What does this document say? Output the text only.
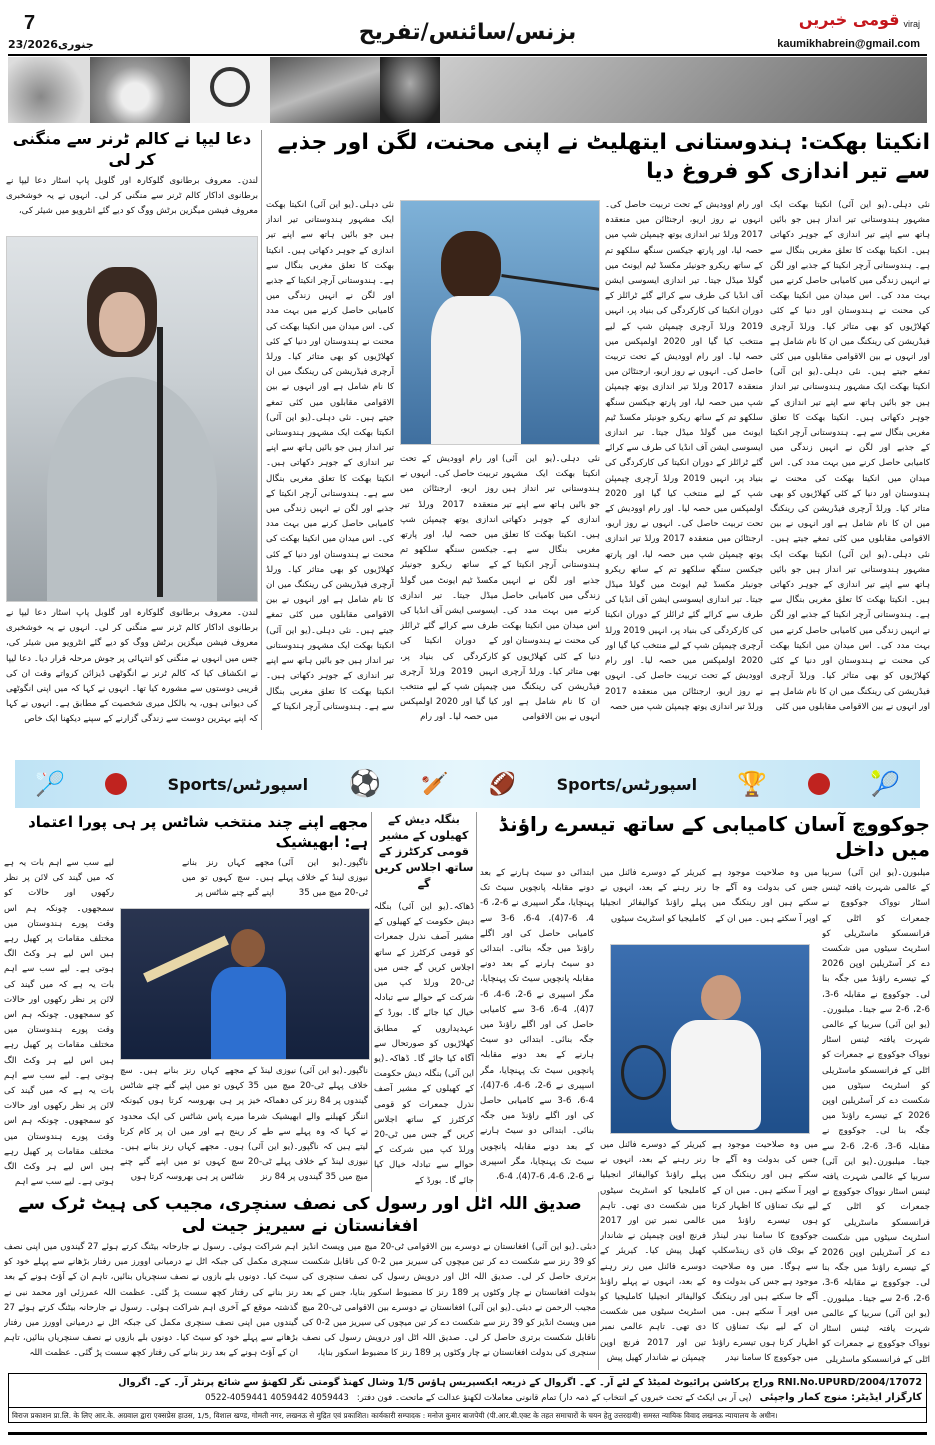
7
23/جنوری2026	بزنس/سائنس/تفریح
قومی خبریں viraj
kaumikhabrein@gmail.com
دعا لیپا نے کالم ٹرنر سے منگنی کر لی
لندن۔ معروف برطانوی گلوکارہ اور گلوبل پاپ اسٹار دعا لیپا نے برطانوی اداکار کالم ٹرنر سے منگنی کر لی۔ انہوں نے یہ خوشخبری معروف فیشن میگزین برٹش ووگ کو دیے گئے انٹرویو میں شیئر کی،
لندن۔ معروف برطانوی گلوکارہ اور گلوبل پاپ اسٹار دعا لیپا نے برطانوی اداکار کالم ٹرنر سے منگنی کر لی۔ انہوں نے یہ خوشخبری معروف فیشن میگزین برٹش ووگ کو دیے گئے انٹرویو میں شیئر کی، جس میں انہوں نے منگنی کو انتہائی پر جوش مرحلہ قرار دیا۔ دعا لیپا نے انکشاف کیا کہ کالم ٹرنر نے انگوٹھی ڈیزائن کرواتے وقت ان کی قریبی دوستوں سے مشورہ کیا تھا۔ انہوں نے کہا کہ میں اپنی انگوٹھی کی دیوانی ہوں، یہ بالکل میری شخصیت کے مطابق ہے۔ انہوں نے کہا کہ اپنے بہترین دوست سے زندگی گزارنے کے سپنے دیکھنا ایک خاص
انکیتا بھکت: ہندوستانی ایتھلیٹ نے اپنی محنت، لگن اور جذبے سے تیر اندازی کو فروغ دیا
نئی دہلی۔(یو این آئی) انکیتا بھکت ایک مشہور ہندوستانی تیر انداز ہیں جو بائیں ہاتھ سے اپنے تیر اندازی کے جوہر دکھاتی ہیں۔ انکیتا بھکت کا تعلق مغربی بنگال سے ہے۔ ہندوستانی آرچر انکیتا کے جذبے اور لگن نے انہیں زندگی میں کامیابی حاصل کرنے میں بہت مدد کی۔ اس میدان میں انکیتا بھکت کی محنت نے ہندوستان اور دنیا کے کئی کھلاڑیوں کو بھی متاثر کیا۔ ورلڈ آرچری فیڈریشن کی رینکنگ میں ان کا نام شامل ہے اور انہوں نے بین الاقوامی مقابلوں میں کئی تمغے جیتے ہیں۔ نئی دہلی۔(یو این آئی) انکیتا بھکت ایک مشہور ہندوستانی تیر انداز ہیں جو بائیں ہاتھ سے اپنے تیر اندازی کے جوہر دکھاتی ہیں۔ انکیتا بھکت کا تعلق مغربی بنگال سے ہے۔ ہندوستانی آرچر انکیتا کے جذبے اور لگن نے انہیں زندگی میں کامیابی حاصل کرنے میں بہت مدد کی۔ اس میدان میں انکیتا بھکت کی محنت نے ہندوستان اور دنیا کے کئی کھلاڑیوں کو بھی متاثر کیا۔ ورلڈ آرچری فیڈریشن کی رینکنگ میں ان کا نام شامل ہے اور انہوں نے بین الاقوامی مقابلوں میں کئی تمغے جیتے ہیں۔ نئی دہلی۔(یو این آئی) انکیتا بھکت ایک مشہور ہندوستانی تیر انداز ہیں جو بائیں ہاتھ سے اپنے تیر اندازی کے جوہر دکھاتی ہیں۔ انکیتا بھکت کا تعلق مغربی بنگال سے ہے۔ ہندوستانی آرچر انکیتا کے جذبے اور لگن نے انہیں زندگی میں کامیابی حاصل کرنے میں بہت مدد کی۔ اس میدان میں انکیتا بھکت کی محنت نے ہندوستان اور دنیا کے کئی کھلاڑیوں کو بھی متاثر کیا۔ ورلڈ آرچری فیڈریشن کی رینکنگ میں ان کا نام شامل ہے اور انہوں نے بین الاقوامی مقابلوں میں کئی
اور رام اوودیش کے تحت تربیت حاصل کی۔ انہوں نے روز اریو، ارجنٹائن میں منعقدہ 2017 ورلڈ تیر اندازی یوتھ چیمپئن شپ میں حصہ لیا، اور پارتھ جیکسن سنگھ سلکھو تم کے ساتھ ریکرو جونیئر مکسڈ ٹیم ایونٹ میں گولڈ میڈل جیتا۔ تیر اندازی ایسوسی ایشن آف انڈیا کی طرف سے کرائے گئے ٹرائلز کے دوران انکیتا کی کارکردگی کی بنیاد پر، انہیں 2019 ورلڈ آرچری چیمپئن شپ کے لیے منتخب کیا گیا اور 2020 اولمپکس میں حصہ لیا۔ اور رام اوودیش کے تحت تربیت حاصل کی۔ انہوں نے روز اریو، ارجنٹائن میں منعقدہ 2017 ورلڈ تیر اندازی یوتھ چیمپئن شپ میں حصہ لیا، اور پارتھ جیکسن سنگھ سلکھو تم کے ساتھ ریکرو جونیئر مکسڈ ٹیم ایونٹ میں گولڈ میڈل جیتا۔ تیر اندازی ایسوسی ایشن آف انڈیا کی طرف سے کرائے گئے ٹرائلز کے دوران انکیتا کی کارکردگی کی بنیاد پر، انہیں 2019 ورلڈ آرچری چیمپئن شپ کے لیے منتخب کیا گیا اور 2020 اولمپکس میں حصہ لیا۔ اور رام اوودیش کے تحت تربیت حاصل کی۔ انہوں نے روز اریو، ارجنٹائن میں منعقدہ 2017 ورلڈ تیر اندازی یوتھ چیمپئن شپ میں حصہ لیا، اور پارتھ جیکسن سنگھ سلکھو تم کے ساتھ ریکرو جونیئر مکسڈ ٹیم ایونٹ میں گولڈ میڈل جیتا۔ تیر اندازی ایسوسی ایشن آف انڈیا کی طرف سے کرائے گئے ٹرائلز کے دوران انکیتا کی کارکردگی کی بنیاد پر، انہیں 2019 ورلڈ آرچری چیمپئن شپ کے لیے منتخب کیا گیا اور 2020 اولمپکس میں حصہ لیا۔ اور رام اوودیش کے تحت تربیت حاصل کی۔ انہوں نے روز اریو، ارجنٹائن میں منعقدہ 2017 ورلڈ تیر اندازی یوتھ چیمپئن شپ میں حصہ
نئی دہلی۔(یو این آئی) انکیتا بھکت ایک مشہور ہندوستانی تیر انداز ہیں جو بائیں ہاتھ سے اپنے تیر اندازی کے جوہر دکھاتی ہیں۔ انکیتا بھکت کا تعلق مغربی بنگال سے ہے۔ ہندوستانی آرچر انکیتا کے جذبے اور لگن نے انہیں زندگی میں کامیابی حاصل کرنے میں بہت مدد کی۔ اس میدان میں انکیتا بھکت کی محنت نے ہندوستان اور دنیا کے کئی کھلاڑیوں کو بھی متاثر کیا۔ ورلڈ آرچری فیڈریشن کی رینکنگ میں ان کا نام شامل ہے اور انہوں نے بین الاقوامی
اور رام اوودیش کے تحت تربیت حاصل کی۔ انہوں نے روز اریو، ارجنٹائن میں منعقدہ 2017 ورلڈ تیر اندازی یوتھ چیمپئن شپ میں حصہ لیا، اور پارتھ جیکسن سنگھ سلکھو تم کے ساتھ ریکرو جونیئر مکسڈ ٹیم ایونٹ میں گولڈ میڈل جیتا۔ تیر اندازی ایسوسی ایشن آف انڈیا کی طرف سے کرائے گئے ٹرائلز کے دوران انکیتا کی کارکردگی کی بنیاد پر، انہیں 2019 ورلڈ آرچری چیمپئن شپ کے لیے منتخب کیا گیا اور 2020 اولمپکس میں حصہ لیا۔ اور رام
نئی دہلی۔(یو این آئی) انکیتا بھکت ایک مشہور ہندوستانی تیر انداز ہیں جو بائیں ہاتھ سے اپنے تیر اندازی کے جوہر دکھاتی ہیں۔ انکیتا بھکت کا تعلق مغربی بنگال سے ہے۔ ہندوستانی آرچر انکیتا کے جذبے اور لگن نے انہیں زندگی میں کامیابی حاصل کرنے میں بہت مدد کی۔ اس میدان میں انکیتا بھکت کی محنت نے ہندوستان اور دنیا کے کئی کھلاڑیوں کو بھی متاثر کیا۔ ورلڈ آرچری فیڈریشن کی رینکنگ میں ان کا نام شامل ہے اور انہوں نے بین الاقوامی مقابلوں میں کئی تمغے جیتے ہیں۔ نئی دہلی۔(یو این آئی) انکیتا بھکت ایک مشہور ہندوستانی تیر انداز ہیں جو بائیں ہاتھ سے اپنے تیر اندازی کے جوہر دکھاتی ہیں۔ انکیتا بھکت کا تعلق مغربی بنگال سے ہے۔ ہندوستانی آرچر انکیتا کے جذبے اور لگن نے انہیں زندگی میں کامیابی حاصل کرنے میں بہت مدد کی۔ اس میدان میں انکیتا بھکت کی محنت نے ہندوستان اور دنیا کے کئی کھلاڑیوں کو بھی متاثر کیا۔ ورلڈ آرچری فیڈریشن کی رینکنگ میں ان کا نام شامل ہے اور انہوں نے بین الاقوامی مقابلوں میں کئی تمغے جیتے ہیں۔ نئی دہلی۔(یو این آئی) انکیتا بھکت ایک مشہور ہندوستانی تیر انداز ہیں جو بائیں ہاتھ سے اپنے تیر اندازی کے جوہر دکھاتی ہیں۔ انکیتا بھکت کا تعلق مغربی بنگال سے ہے۔ ہندوستانی آرچر انکیتا کے
🏸	اسپورٹس/Sports ⚽ 🏏 🏈	اسپورٹس/Sports 🏆	🎾
جوکووچ آسان کامیابی کے ساتھ تیسرے راؤنڈ میں داخل
میلبورن۔(یو این آئی) سربیا کے عالمی شہرت یافتہ ٹینس اسٹار نوواک جوکووچ نے جمعرات کو اٹلی کے فرانسسکو ماسٹریلی کو اسٹریٹ سیٹوں میں شکست دے کر آسٹریلین اوپن 2026 کے تیسرے راؤنڈ میں جگہ بنا لی۔ جوکووچ نے مقابلہ 6-3، 6-2، 6-2 سے جیتا۔ میلبورن۔(یو این آئی) سربیا کے عالمی شہرت یافتہ ٹینس اسٹار نوواک جوکووچ نے جمعرات کو اٹلی کے فرانسسکو ماسٹریلی کو اسٹریٹ سیٹوں میں شکست دے کر آسٹریلین اوپن 2026 کے تیسرے راؤنڈ میں جگہ بنا لی۔ جوکووچ نے مقابلہ 6-3، 6-2، 6-2 سے جیتا۔ میلبورن۔(یو این آئی) سربیا کے عالمی شہرت یافتہ ٹینس اسٹار نوواک جوکووچ نے جمعرات کو اٹلی کے فرانسسکو ماسٹریلی کو اسٹریٹ سیٹوں میں شکست دے کر آسٹریلین اوپن 2026 کے تیسرے راؤنڈ میں جگہ بنا لی۔ جوکووچ نے مقابلہ 6-3، 6-2، 6-2 سے جیتا۔ میلبورن۔(یو این آئی) سربیا کے عالمی شہرت یافتہ ٹینس اسٹار نوواک جوکووچ نے جمعرات کو اٹلی کے فرانسسکو ماسٹریلی
میں وہ صلاحیت موجود ہے جس کی بدولت وہ آگے جا سکتے ہیں اور رینکنگ میں اوپر آ سکتے ہیں۔ میں ان کے
کیریئر کے دوسرے فائنل میں رنر رہنے کے بعد، انہوں نے پہلے راؤنڈ کوالیفائر انجیلیا کاملیجیا کو اسٹریٹ سیٹوں
میں وہ صلاحیت موجود ہے جس کی بدولت وہ آگے جا سکتے ہیں اور رینکنگ میں اوپر آ سکتے ہیں۔ میں ان کے لیے نیک تمناؤں کا اظہار کرتا ہوں تیسرے راؤنڈ میں جوکووچ کا سامنا نیدر لینڈز کے بوٹک فان ڈی زینڈسکلپ سے ہوگا۔ میں وہ صلاحیت موجود ہے جس کی بدولت وہ آگے جا سکتے ہیں اور رینکنگ میں اوپر آ سکتے ہیں۔ میں ان کے لیے نیک تمناؤں کا اظہار کرتا ہوں تیسرے راؤنڈ میں جوکووچ کا سامنا نیدر
کیریئر کے دوسرے فائنل میں رنر رہنے کے بعد، انہوں نے پہلے راؤنڈ کوالیفائر انجیلیا کاملیجیا کو اسٹریٹ سیٹوں میں شکست دی تھی۔ تاہم عالمی نمبر تین اور 2017 فرنچ اوپن چیمپئن نے شاندار کھیل پیش کیا۔ کیریئر کے دوسرے فائنل میں رنر رہنے کے بعد، انہوں نے پہلے راؤنڈ کوالیفائر انجیلیا کاملیجیا کو اسٹریٹ سیٹوں میں شکست دی تھی۔ تاہم عالمی نمبر تین اور 2017 فرنچ اوپن چیمپئن نے شاندار کھیل پیش
ابتدائی دو سیٹ ہارنے کے بعد دونے مقابلہ پانچویں سیٹ تک پہنچایا، مگر اسپیری نے 6-2، 6-4، 6-7(4)، 4-6، 6-3 سے کامیابی حاصل کی اور اگلے راؤنڈ میں جگہ بنائی۔ ابتدائی دو سیٹ ہارنے کے بعد دونے مقابلہ پانچویں سیٹ تک پہنچایا، مگر اسپیری نے 6-2، 6-4، 6-7(4)، 4-6، 6-3 سے کامیابی حاصل کی اور اگلے راؤنڈ میں جگہ بنائی۔ ابتدائی دو سیٹ ہارنے کے بعد دونے مقابلہ پانچویں سیٹ تک پہنچایا، مگر اسپیری نے 6-2، 6-4، 6-7(4)، 4-6، 6-3 سے کامیابی حاصل کی اور اگلے راؤنڈ میں جگہ بنائی۔ ابتدائی دو سیٹ ہارنے کے بعد دونے مقابلہ پانچویں سیٹ تک پہنچایا، مگر اسپیری نے 6-2، 6-4، 6-7(4)، 4-6،
بنگلہ دیش کے کھیلوں کے مشیر قومی کرکٹرز کے ساتھ اجلاس کریں گے
ڈھاکہ۔(یو این آئی) بنگلہ دیش حکومت کے کھیلوں کے مشیر آصف نذرل جمعرات کو قومی کرکٹرز کے ساتھ اجلاس کریں گے جس میں ٹی-20 ورلڈ کپ میں شرکت کے حوالے سے تبادلہ خیال کیا جائے گا۔ بورڈ کے عہدیداروں کے مطابق کھلاڑیوں کو صورتحال سے آگاہ کیا جائے گا۔ ڈھاکہ۔(یو این آئی) بنگلہ دیش حکومت کے کھیلوں کے مشیر آصف نذرل جمعرات کو قومی کرکٹرز کے ساتھ اجلاس کریں گے جس میں ٹی-20 ورلڈ کپ میں شرکت کے حوالے سے تبادلہ خیال کیا جائے گا۔ بورڈ کے
مجھے اپنے چند منتخب شاٹس پر ہی پورا اعتماد ہے: ابھیشیک
ناگپور۔(یو این آئی) نیوزی لینڈ کے خلاف پہلے ٹی-20 میچ میں 35
مجھے کہاں رنز بنانے ہیں۔ سچ کہوں تو میں اپنے گنے چنے شاٹس پر
لیے سب سے اہم بات یہ ہے کہ میں گیند کی لائن پر نظر رکھوں اور حالات کو سمجھوں۔ چونکہ ہم اس وقت پورے ہندوستان میں مختلف مقامات پر کھیل رہے ہیں اس لیے ہر وکٹ الگ ہوتی ہے۔ لیے سب سے اہم بات یہ ہے کہ میں گیند کی لائن پر نظر رکھوں اور حالات کو سمجھوں۔ چونکہ ہم اس وقت پورے ہندوستان میں مختلف مقامات پر کھیل رہے ہیں اس لیے ہر وکٹ الگ ہوتی ہے۔ لیے سب سے اہم بات یہ ہے کہ میں گیند کی لائن پر نظر رکھوں اور حالات کو سمجھوں۔ چونکہ ہم اس وقت پورے ہندوستان میں مختلف مقامات پر کھیل رہے ہیں اس لیے ہر وکٹ الگ ہوتی ہے۔ لیے سب سے اہم
ناگپور۔(یو این آئی) نیوزی لینڈ کے خلاف پہلے ٹی-20 میچ میں 35 گیندوں پر 84 رنز کی دھماکہ خیز اننگز کھیلنے والے ابھیشیک شرما نے کہا کہ وہ پہلے سے طے کر لیتے ہیں کہ ناگپور۔(یو این آئی) نیوزی لینڈ کے خلاف پہلے ٹی-20 میچ میں 35 گیندوں پر 84 رنز
مجھے کہاں رنز بنانے ہیں۔ سچ کہوں تو میں اپنے گنے چنے شاٹس پر ہی بھروسہ کرتا ہوں کیونکہ میرے پاس شاٹس کی ایک محدود رینج ہے اور میں ان پر کام کرتا ہوں۔ مجھے کہاں رنز بنانے ہیں۔ سچ کہوں تو میں اپنے گنے چنے شاٹس پر ہی بھروسہ کرتا ہوں
صدیق اللہ اٹل اور رسول کی نصف سنچری، مجیب کی ہیٹ ٹرک سے افغانستان نے سیریز جیت لی
دبئی۔(یو این آئی) افغانستان نے دوسرے بین الاقوامی ٹی-20 میچ میں ویسٹ انڈیز کو 39 رنز سے شکست دے کر تین میچوں کی سیریز میں 2-0 کی ناقابل شکست برتری حاصل کر لی۔ صدیق اللہ اٹل اور درویش رسول کی نصف سنچری کی بدولت افغانستان نے چار وکٹوں پر 189 رنز کا مضبوط اسکور بنایا، جس کے بعد مجیب الرحمن نے دبئی۔(یو این آئی) افغانستان نے دوسرے بین الاقوامی ٹی-20 میچ میں ویسٹ انڈیز کو 39 رنز سے شکست دے کر تین میچوں کی سیریز میں 2-0 کی ناقابل شکست برتری حاصل کر لی۔ صدیق اللہ اٹل اور درویش رسول کی نصف سنچری کی بدولت افغانستان نے چار وکٹوں پر 189 رنز کا مضبوط اسکور بنایا،
اہم شراکت ہوئی۔ رسول نے جارحانہ بیٹنگ کرتے ہوئے 27 گیندوں میں اپنی نصف سنچری مکمل کی جبکہ اٹل نے درمیانی اوورز میں رفتار بڑھانے سے پہلے خود کو سیٹ کیا۔ دونوں بلے بازوں نے نصف سنچریاں بنائیں، تاہم ان کے آؤٹ ہونے کے بعد رنز بنانے کی رفتار کچھ سست پڑ گئی۔ عظمت اللہ عمرزئی اور محمد نبی نے گذشتہ موقع کے آخری اہم شراکت ہوئی۔ رسول نے جارحانہ بیٹنگ کرتے ہوئے 27 گیندوں میں اپنی نصف سنچری مکمل کی جبکہ اٹل نے درمیانی اوورز میں رفتار بڑھانے سے پہلے خود کو سیٹ کیا۔ دونوں بلے بازوں نے نصف سنچریاں بنائیں، تاہم ان کے آؤٹ ہونے کے بعد رنز بنانے کی رفتار کچھ سست پڑ گئی۔ عظمت اللہ
RNI.No.UPURD/2004/17072 وراج پرکاشن پرائیوٹ لمیٹڈ کے لئے آر۔ کے۔ اگروال کے ذریعہ ایکسپریس ہاؤس 1/5 وشال کھنڈ گومتی نگر لکھنؤ سے شائع پرنٹر آر۔ کے۔ اگروال
کارگزار ایڈیٹر: منوج کمار واجپئی
(پی آر بی ایکٹ کے تحت خبروں کے انتخاب کے ذمہ دار) تمام قانونی معاملات لکھنؤ عدالت کے ماتحت۔ فون دفتر:
0522-4059441 4059442 4059443
विराज प्रकाशन प्रा.लि. के लिए आर.के. अग्रवाल द्वारा एक्सप्रेस हाउस, 1/5, विशाल खण्ड, गोमती नगर, लखनऊ से मुद्रित एवं प्रकाशित। कार्यकारी सम्पादक : मनोज कुमार बाजपेयी (पी.आर.बी.एक्ट के तहत समाचारों के चयन हेतु उत्तरदायी) समस्त न्यायिक विवाद लखनऊ न्यायालय के अधीन।
